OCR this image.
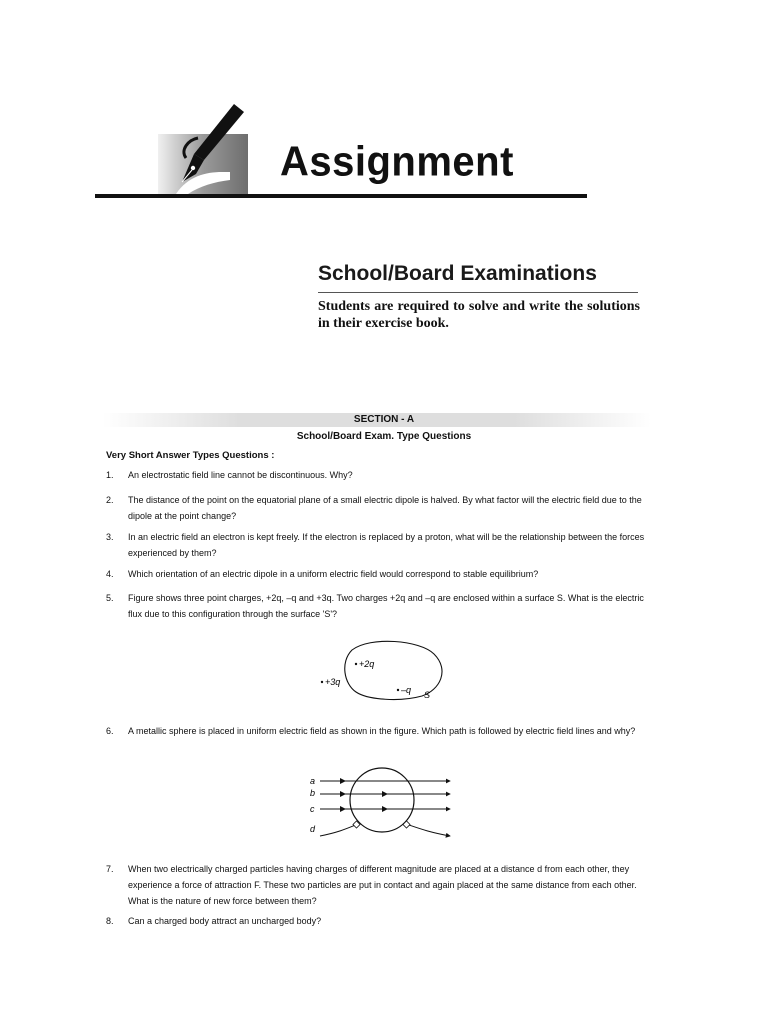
Assignment
School/Board Examinations
Students are required to solve and write the solutions in their exercise book.
SECTION - A
School/Board Exam. Type Questions
Very Short Answer Types Questions :
1. An electrostatic field line cannot be discontinuous. Why?
2. The distance of the point on the equatorial plane of a small electric dipole is halved. By what factor will the electric field due to the dipole at the point change?
3. In an electric field an electron is kept freely. If the electron is replaced by a proton, what will be the relationship between the forces experienced by them?
4. Which orientation of an electric dipole in a uniform electric field would correspond to stable equilibrium?
5. Figure shows three point charges, +2q, –q and +3q. Two charges +2q and –q are enclosed within a surface S. What is the electric flux due to this configuration through the surface 'S'?
+2q
+3q
–q S
6. A metallic sphere is placed in uniform electric field as shown in the figure. Which path is followed by electric field lines and why?
a
b
c
d
7. When two electrically charged particles having charges of different magnitude are placed at a distance d from each other, they experience a force of attraction F. These two particles are put in contact and again placed at the same distance from each other. What is the nature of new force between them?
8. Can a charged body attract an uncharged body?
